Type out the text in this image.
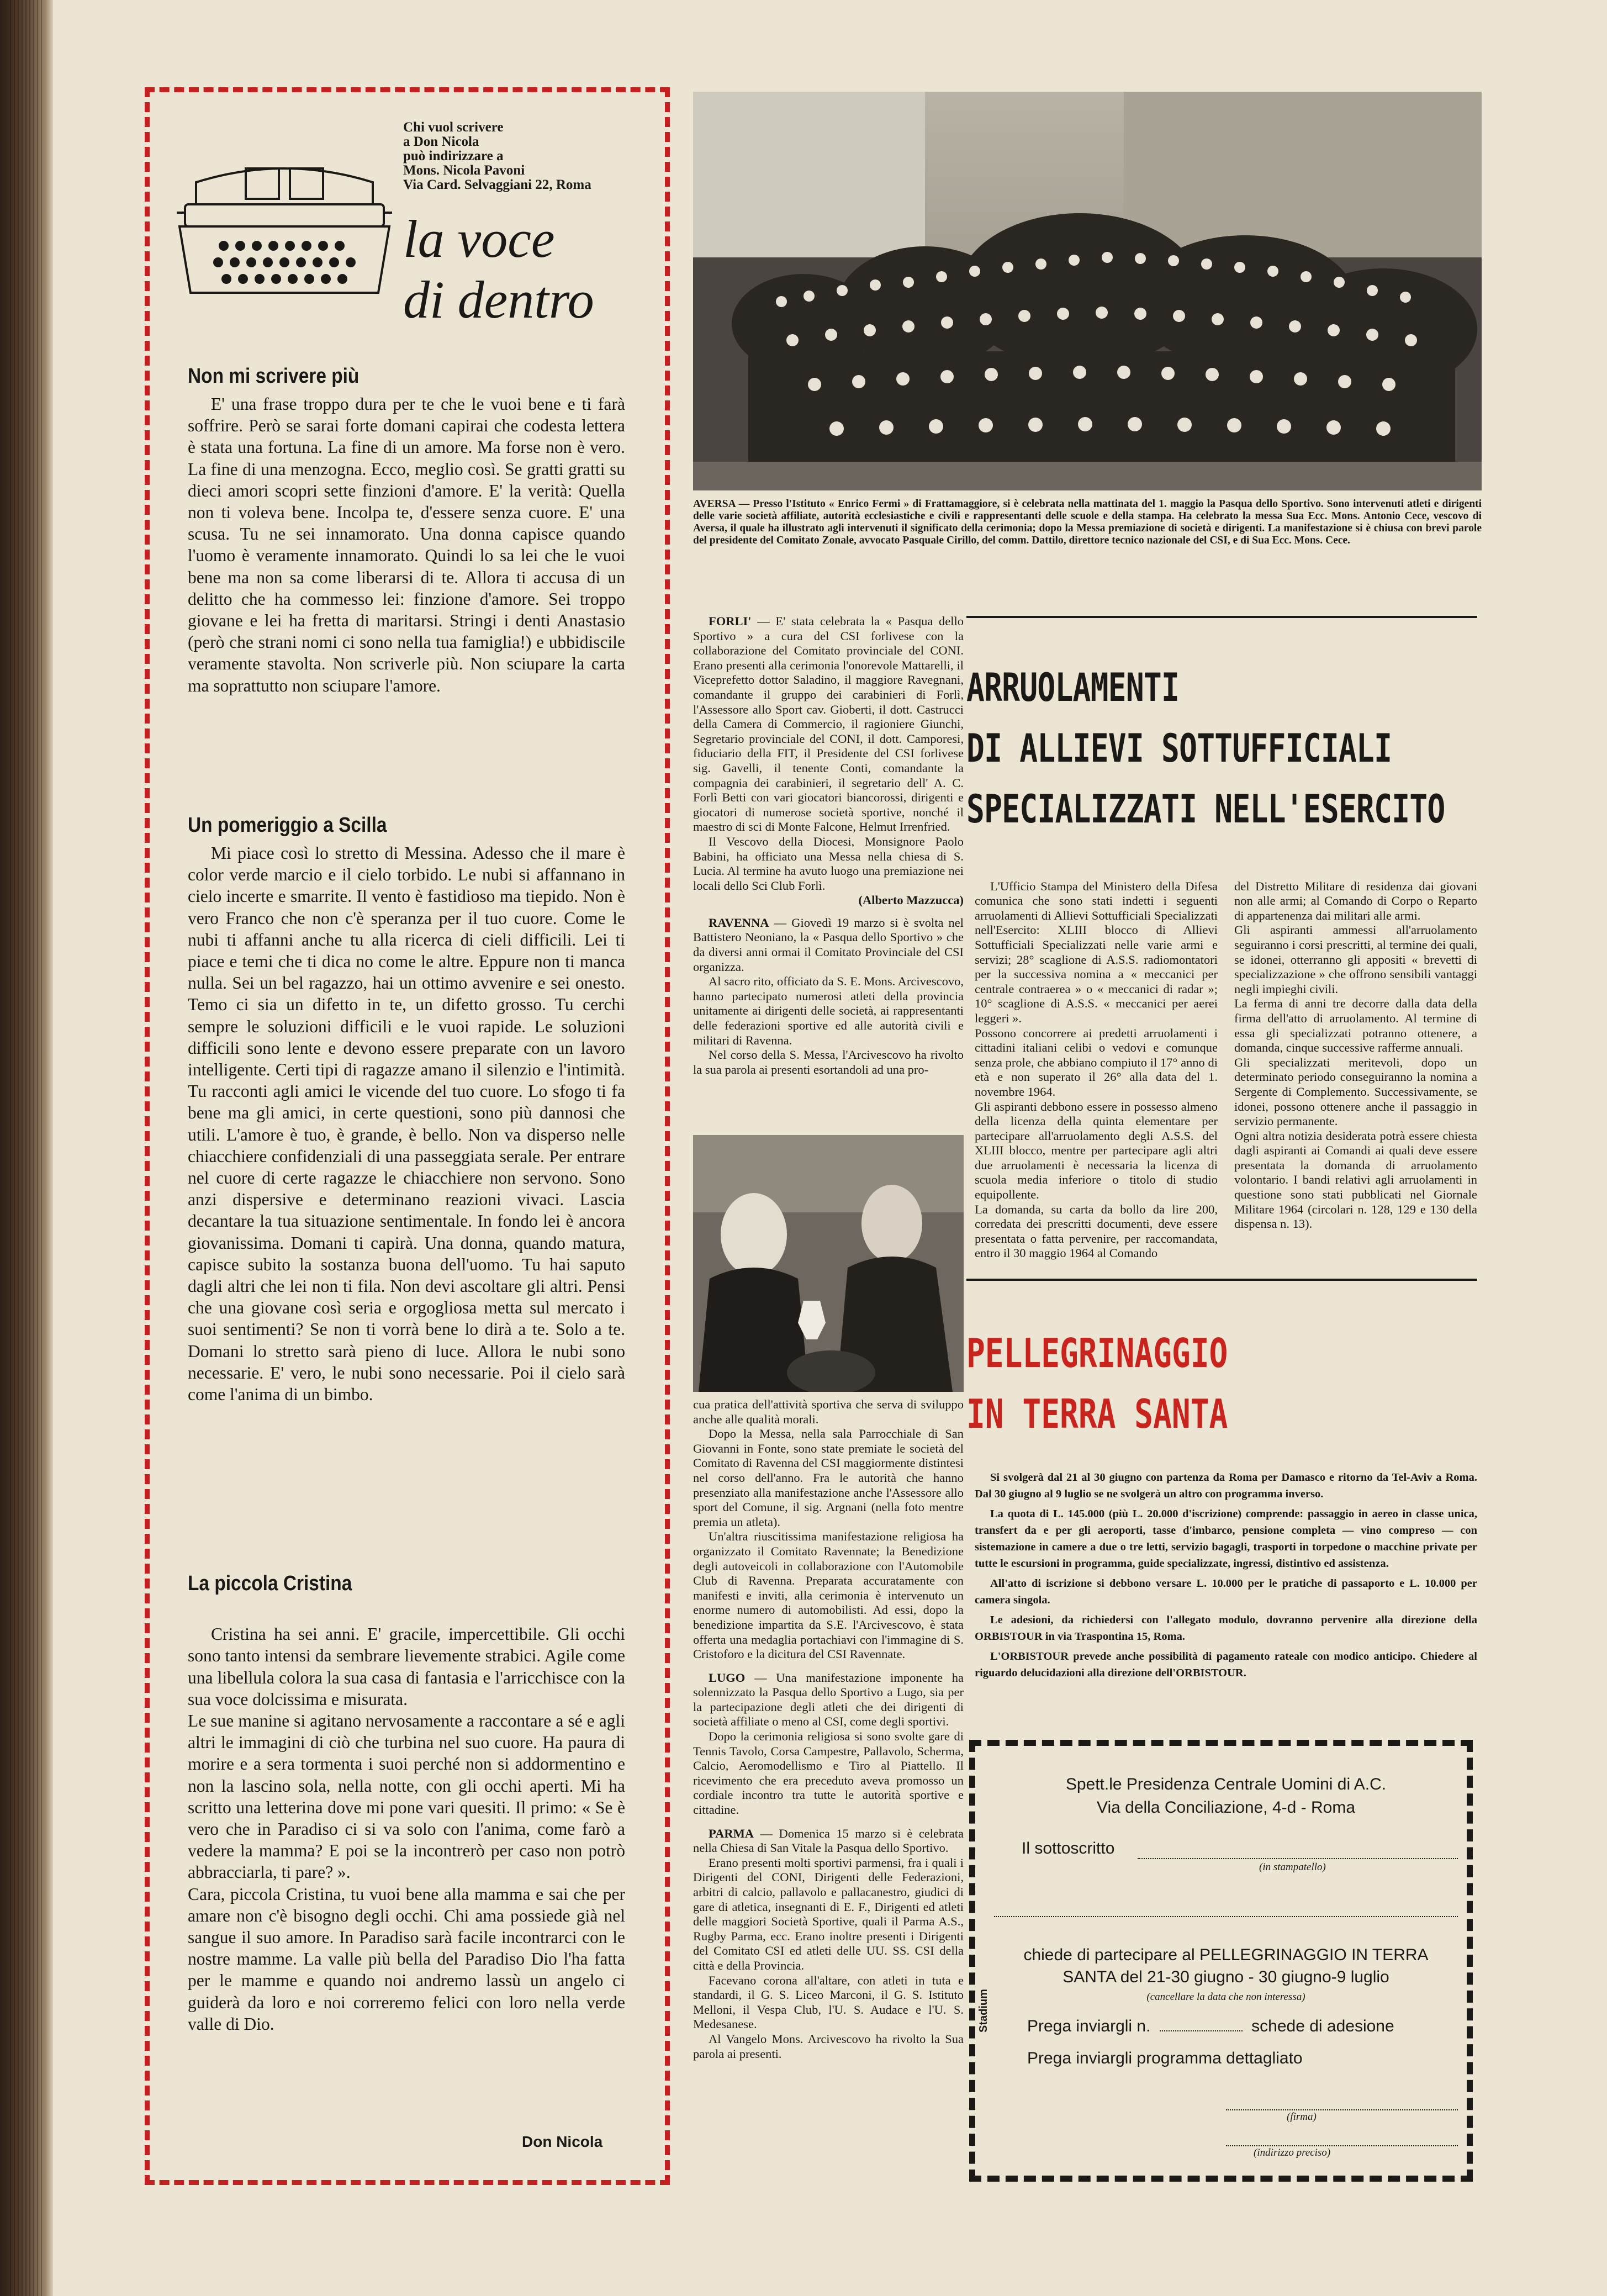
Chi vuol scrivere
a Don Nicola
può indirizzare a
Mons. Nicola Pavoni
Via Card. Selvaggiani 22, Roma
la voce
di dentro
Non mi scrivere più

E' una frase troppo dura per te che le vuoi bene e ti farà soffrire. Però se sarai forte domani capirai che codesta lettera è stata una fortuna. La fine di un amore. Ma forse non è vero. La fine di una menzogna. Ecco, meglio così. Se gratti gratti su dieci amori scopri sette finzioni d'amore. E' la verità: Quella non ti voleva bene. Incolpa te, d'essere senza cuore. E' una scusa. Tu ne sei innamorato. Una donna capisce quando l'uomo è veramente innamorato. Quindi lo sa lei che le vuoi bene ma non sa come liberarsi di te. Allora ti accusa di un delitto che ha commesso lei: finzione d'amore. Sei troppo giovane e lei ha fretta di maritarsi. Stringi i denti Anastasio (però che strani nomi ci sono nella tua famiglia!) e ubbidiscile veramente stavolta. Non scriverle più. Non sciupare la carta ma soprattutto non sciupare l'amore.

Un pomeriggio a Scilla

Mi piace così lo stretto di Messina. Adesso che il mare è color verde marcio e il cielo torbido. Le nubi si affannano in cielo incerte e smarrite. Il vento è fastidioso ma tiepido. Non è vero Franco che non c'è speranza per il tuo cuore. Come le nubi ti affanni anche tu alla ricerca di cieli difficili. Lei ti piace e temi che ti dica no come le altre. Eppure non ti manca nulla. Sei un bel ragazzo, hai un ottimo avvenire e sei onesto. Temo ci sia un difetto in te, un difetto grosso. Tu cerchi sempre le soluzioni difficili e le vuoi rapide. Le soluzioni difficili sono lente e devono essere preparate con un lavoro intelligente. Certi tipi di ragazze amano il silenzio e l'intimità. Tu racconti agli amici le vicende del tuo cuore. Lo sfogo ti fa bene ma gli amici, in certe questioni, sono più dannosi che utili. L'amore è tuo, è grande, è bello. Non va disperso nelle chiacchiere confidenziali di una passeggiata serale. Per entrare nel cuore di certe ragazze le chiacchiere non servono. Sono anzi dispersive e determinano reazioni vivaci. Lascia decantare la tua situazione sentimentale. In fondo lei è ancora giovanissima. Domani ti capirà. Una donna, quando matura, capisce subito la sostanza buona dell'uomo. Tu hai saputo dagli altri che lei non ti fila. Non devi ascoltare gli altri. Pensi che una giovane così seria e orgogliosa metta sul mercato i suoi sentimenti? Se non ti vorrà bene lo dirà a te. Solo a te. Domani lo stretto sarà pieno di luce. Allora le nubi sono necessarie. E' vero, le nubi sono necessarie. Poi il cielo sarà come l'anima di un bimbo.

La piccola Cristina

Cristina ha sei anni. E' gracile, impercettibile. Gli occhi sono tanto intensi da sembrare lievemente strabici. Agile come una libellula colora la sua casa di fantasia e l'arricchisce con la sua voce dolcissima e misurata.
Le sue manine si agitano nervosamente a raccontare a sé e agli altri le immagini di ciò che turbina nel suo cuore. Ha paura di morire e a sera tormenta i suoi perché non si addormentino e non la lascino sola, nella notte, con gli occhi aperti. Mi ha scritto una letterina dove mi pone vari quesiti. Il primo: « Se è vero che in Paradiso ci si va solo con l'anima, come farò a vedere la mamma? E poi se la incontrerò per caso non potrò abbracciarla, ti pare? ».
Cara, piccola Cristina, tu vuoi bene alla mamma e sai che per amare non c'è bisogno degli occhi. Chi ama possiede già nel sangue il suo amore. In Paradiso sarà facile incontrarci con le nostre mamme. La valle più bella del Paradiso Dio l'ha fatta per le mamme e quando noi andremo lassù un angelo ci guiderà da loro e noi correremo felici con loro nella verde valle di Dio.

Don Nicola

AVERSA — Presso l'Istituto « Enrico Fermi » di Frattamaggiore, si è celebrata nella mattinata del 1. maggio la Pasqua dello Sportivo. Sono intervenuti atleti e dirigenti delle varie società affiliate, autorità ecclesiastiche e civili e rappresentanti delle scuole e della stampa. Ha celebrato la messa Sua Ecc. Mons. Antonio Cece, vescovo di Aversa, il quale ha illustrato agli intervenuti il significato della cerimonia; dopo la Messa premiazione di società e dirigenti. La manifestazione si è chiusa con brevi parole del presidente del Comitato Zonale, avvocato Pasquale Cirillo, del comm. Dattilo, direttore tecnico nazionale del CSI, e di Sua Ecc. Mons. Cece.

FORLI' — E' stata celebrata la « Pasqua dello Sportivo » a cura del CSI forlivese con la collaborazione del Comitato provinciale del CONI. Erano presenti alla cerimonia l'onorevole Mattarelli, il Viceprefetto dottor Saladino, il maggiore Ravegnani, comandante il gruppo dei carabinieri di Forlì, l'Assessore allo Sport cav. Gioberti, il dott. Castrucci della Camera di Commercio, il ragioniere Giunchi, Segretario provinciale del CONI, il dott. Camporesi, fiduciario della FIT, il Presidente del CSI forlivese sig. Gavelli, il tenente Conti, comandante la compagnia dei carabinieri, il segretario dell' A. C. Forlì Betti con vari giocatori biancorossi, dirigenti e giocatori di numerose società sportive, nonché il maestro di sci di Monte Falcone, Helmut Irrenfried.

Il Vescovo della Diocesi, Monsignore Paolo Babini, ha officiato una Messa nella chiesa di S. Lucia. Al termine ha avuto luogo una premiazione nei locali dello Sci Club Forlì.

(Alberto Mazzucca)

RAVENNA — Giovedì 19 marzo si è svolta nel Battistero Neoniano, la « Pasqua dello Sportivo » che da diversi anni ormai il Comitato Provinciale del CSI organizza.

Al sacro rito, officiato da S. E. Mons. Arcivescovo, hanno partecipato numerosi atleti della provincia unitamente ai dirigenti delle società, ai rappresentanti delle federazioni sportive ed alle autorità civili e militari di Ravenna.

Nel corso della S. Messa, l'Arcivescovo ha rivolto la sua parola ai presenti esortandoli ad una pro-

cua pratica dell'attività sportiva che serva di sviluppo anche alle qualità morali.

Dopo la Messa, nella sala Parrocchiale di San Giovanni in Fonte, sono state premiate le società del Comitato di Ravenna del CSI maggiormente distintesi nel corso dell'anno. Fra le autorità che hanno presenziato alla manifestazione anche l'Assessore allo sport del Comune, il sig. Argnani (nella foto mentre premia un atleta).

Un'altra riuscitissima manifestazione religiosa ha organizzato il Comitato Ravennate; la Benedizione degli autoveicoli in collaborazione con l'Automobile Club di Ravenna. Preparata accuratamente con manifesti e inviti, alla cerimonia è intervenuto un enorme numero di automobilisti. Ad essi, dopo la benedizione impartita da S.E. l'Arcivescovo, è stata offerta una medaglia portachiavi con l'immagine di S. Cristoforo e la dicitura del CSI Ravennate.

LUGO — Una manifestazione imponente ha solennizzato la Pasqua dello Sportivo a Lugo, sia per la partecipazione degli atleti che dei dirigenti di società affiliate o meno al CSI, come degli sportivi.

Dopo la cerimonia religiosa si sono svolte gare di Tennis Tavolo, Corsa Campestre, Pallavolo, Scherma, Calcio, Aeromodellismo e Tiro al Piattello. Il ricevimento che era preceduto aveva promosso un cordiale incontro tra tutte le autorità sportive e cittadine.

PARMA — Domenica 15 marzo si è celebrata nella Chiesa di San Vitale la Pasqua dello Sportivo.

Erano presenti molti sportivi parmensi, fra i quali i Dirigenti del CONI, Dirigenti delle Federazioni, arbitri di calcio, pallavolo e pallacanestro, giudici di gare di atletica, insegnanti di E. F., Dirigenti ed atleti delle maggiori Società Sportive, quali il Parma A.S., Rugby Parma, ecc. Erano inoltre presenti i Dirigenti del Comitato CSI ed atleti delle UU. SS. CSI della città e della Provincia.

Facevano corona all'altare, con atleti in tuta e standardi, il G. S. Liceo Marconi, il G. S. Istituto Melloni, il Vespa Club, l'U. S. Audace e l'U. S. Medesanese.

Al Vangelo Mons. Arcivescovo ha rivolto la Sua parola ai presenti.

ARRUOLAMENTI
DI ALLIEVI SOTTUFFICIALI
SPECIALIZZATI NELL'ESERCITO

L'Ufficio Stampa del Ministero della Difesa comunica che sono stati indetti i seguenti arruolamenti di Allievi Sottufficiali Specializzati nell'Esercito: XLIII blocco di Allievi Sottufficiali Specializzati nelle varie armi e servizi; 28° scaglione di A.S.S. radiomontatori per la successiva nomina a « meccanici per centrale contraerea » o « meccanici di radar »; 10° scaglione di A.S.S. « meccanici per aerei leggeri ».
Possono concorrere ai predetti arruolamenti i cittadini italiani celibi o vedovi e comunque senza prole, che abbiano compiuto il 17° anno di età e non superato il 26° alla data del 1. novembre 1964.
Gli aspiranti debbono essere in possesso almeno della licenza della quinta elementare per partecipare all'arruolamento degli A.S.S. del XLIII blocco, mentre per partecipare agli altri due arruolamenti è necessaria la licenza di scuola media inferiore o titolo di studio equipollente.
La domanda, su carta da bollo da lire 200, corredata dei prescritti documenti, deve essere presentata o fatta pervenire, per raccomandata, entro il 30 maggio 1964 al Comando

del Distretto Militare di residenza dai giovani non alle armi; al Comando di Corpo o Reparto di appartenenza dai militari alle armi.
Gli aspiranti ammessi all'arruolamento seguiranno i corsi prescritti, al termine dei quali, se idonei, otterranno gli appositi « brevetti di specializzazione » che offrono sensibili vantaggi negli impieghi civili.
La ferma di anni tre decorre dalla data della firma dell'atto di arruolamento. Al termine di essa gli specializzati potranno ottenere, a domanda, cinque successive rafferme annuali.
Gli specializzati meritevoli, dopo un determinato periodo conseguiranno la nomina a Sergente di Complemento. Successivamente, se idonei, possono ottenere anche il passaggio in servizio permanente.
Ogni altra notizia desiderata potrà essere chiesta dagli aspiranti ai Comandi ai quali deve essere presentata la domanda di arruolamento volontario. I bandi relativi agli arruolamenti in questione sono stati pubblicati nel Giornale Militare 1964 (circolari n. 128, 129 e 130 della dispensa n. 13).

PELLEGRINAGGIO
IN TERRA SANTA

Si svolgerà dal 21 al 30 giugno con partenza da Roma per Damasco e ritorno da Tel-Aviv a Roma. Dal 30 giugno al 9 luglio se ne svolgerà un altro con programma inverso.

La quota di L. 145.000 (più L. 20.000 d'iscrizione) comprende: passaggio in aereo in classe unica, transfert da e per gli aeroporti, tasse d'imbarco, pensione completa — vino compreso — con sistemazione in camere a due o tre letti, servizio bagagli, trasporti in torpedone o macchine private per tutte le escursioni in programma, guide specializzate, ingressi, distintivo ed assistenza.

All'atto di iscrizione si debbono versare L. 10.000 per le pratiche di passaporto e L. 10.000 per camera singola.

Le adesioni, da richiedersi con l'allegato modulo, dovranno pervenire alla direzione della ORBISTOUR in via Traspontina 15, Roma.

L'ORBISTOUR prevede anche possibilità di pagamento rateale con modico anticipo. Chiedere al riguardo delucidazioni alla direzione dell'ORBISTOUR.

Stadium
Spett.le Presidenza Centrale Uomini di A.C.
Via della Conciliazione, 4-d - Roma
Il sottoscritto
(in stampatello)
chiede di partecipare al PELLEGRINAGGIO IN TERRA
SANTA del 21-30 giugno - 30 giugno-9 luglio
(cancellare la data che non interessa)
Prega inviargli n.	schede di adesione
Prega inviargli programma dettagliato
(firma)
(indirizzo preciso)
